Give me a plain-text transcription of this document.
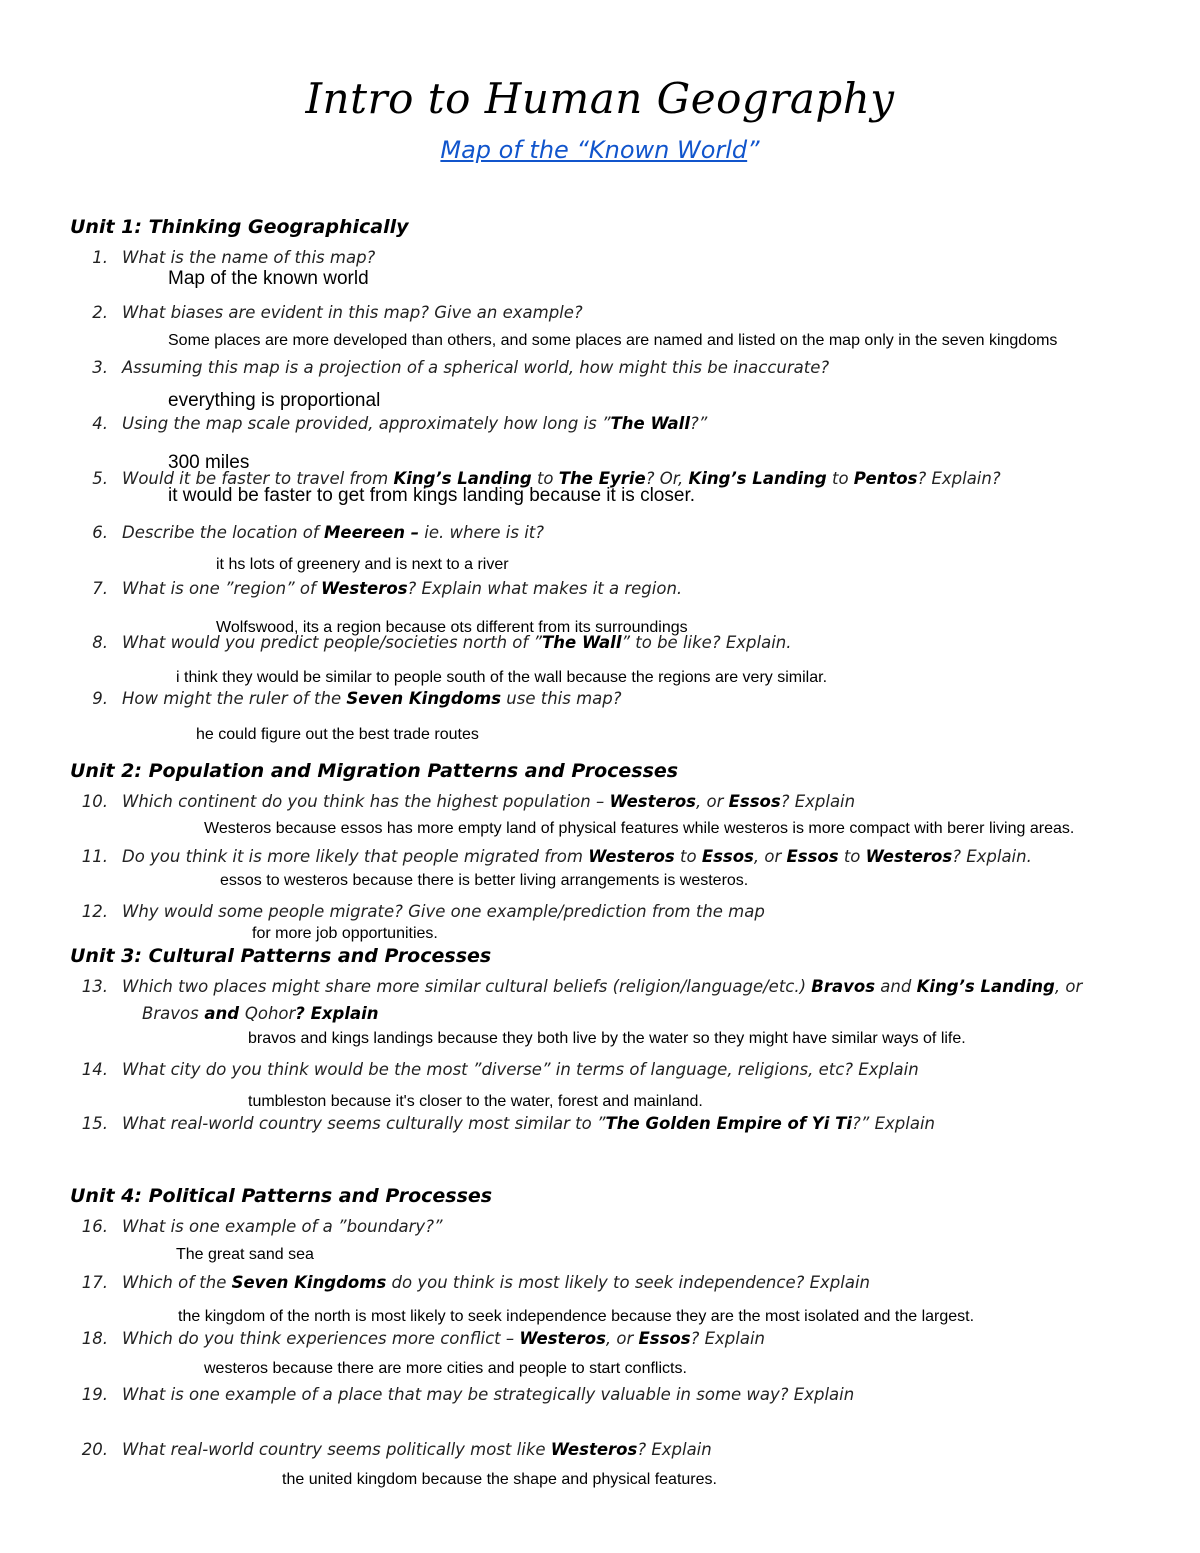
Intro to Human Geography
Map of the “Known World”
Unit 1: Thinking Geographically
Unit 2: Population and Migration Patterns and Processes
Unit 3: Cultural Patterns and Processes
Unit 4: Political Patterns and Processes
1. What is the name of this map?
Map of the known world
2. What biases are evident in this map? Give an example?
Some places are more developed than others, and some places are named and listed on the map only in the seven kingdoms
3. Assuming this map is a projection of a spherical world, how might this be inaccurate?
everything is proportional
4. Using the map scale provided, approximately how long is ”The Wall?”
300 miles
5. Would it be faster to travel from King’s Landing to The Eyrie? Or, King’s Landing to Pentos? Explain?
it would be faster to get from kings landing because it is closer.
6. Describe the location of Meereen – ie. where is it?
it hs lots of greenery and is next to a river
7. What is one ”region” of Westeros? Explain what makes it a region.
Wolfswood, its a region because ots different from its surroundings
8. What would you predict people/societies north of ”The Wall” to be like? Explain.
i think they would be similar to people south of the wall because the regions are very similar.
9. How might the ruler of the Seven Kingdoms use this map?
he could figure out the best trade routes
10. Which continent do you think has the highest population – Westeros, or Essos? Explain
Westeros because essos has more empty land of physical features while westeros is more compact with berer living areas.
11. Do you think it is more likely that people migrated from Westeros to Essos, or Essos to Westeros? Explain.
essos to westeros because there is better living arrangements is westeros.
12. Why would some people migrate? Give one example/prediction from the map
for more job opportunities.
13. Which two places might share more similar cultural beliefs (religion/language/etc.) Bravos and King’s Landing, or
Bravos and Qohor? Explain
bravos and kings landings because they both live by the water so they might have similar ways of life.
14. What city do you think would be the most ”diverse” in terms of language, religions, etc? Explain
tumbleston because it's closer to the water, forest and mainland.
15. What real-world country seems culturally most similar to ”The Golden Empire of Yi Ti?” Explain
16. What is one example of a ”boundary?”
The great sand sea
17. Which of the Seven Kingdoms do you think is most likely to seek independence? Explain
the kingdom of the north is most likely to seek independence because they are the most isolated and the largest.
18. Which do you think experiences more conflict – Westeros, or Essos? Explain
westeros because there are more cities and people to start conflicts.
19. What is one example of a place that may be strategically valuable in some way? Explain
20. What real-world country seems politically most like Westeros? Explain
the united kingdom because the shape and physical features.
